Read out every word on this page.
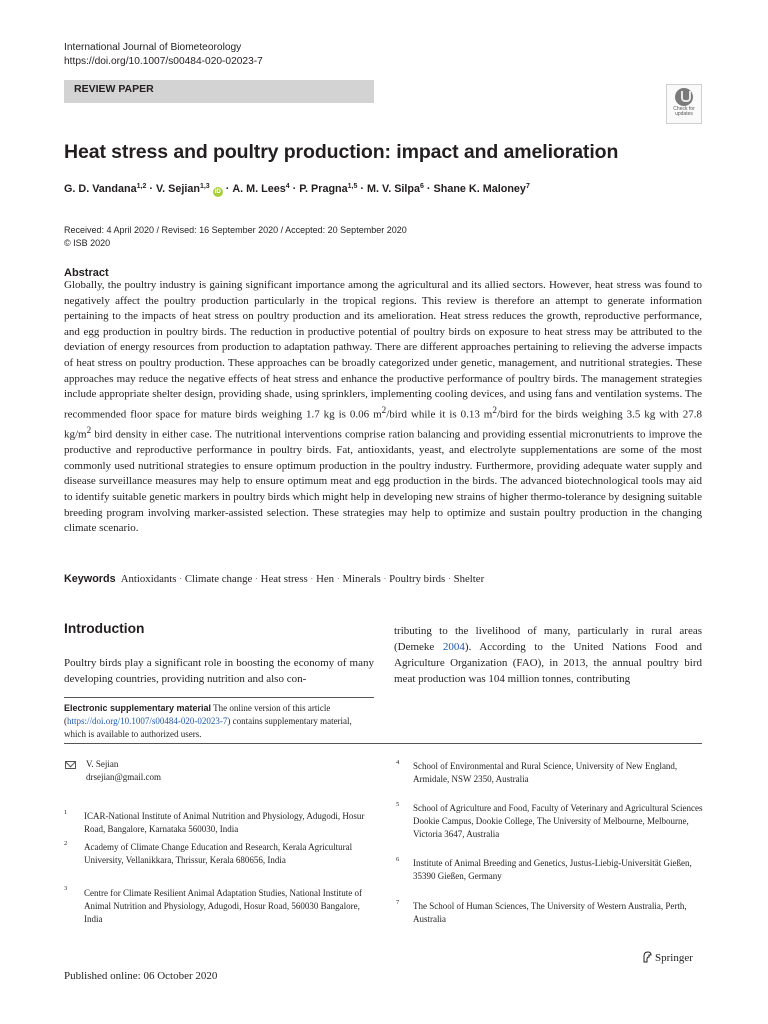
International Journal of Biometeorology
https://doi.org/10.1007/s00484-020-02023-7
REVIEW PAPER
Check for
updates
Heat stress and poultry production: impact and amelioration
G. D. Vandana$^{1,2}$ · V. Sejian$^{1,3}$ iD · A. M. Lees$^4$ · P. Pragna$^{1,5}$ · M. V. Silpa$^6$ · Shane K. Maloney$^7$
Received: 4 April 2020 / Revised: 16 September 2020 / Accepted: 20 September 2020
© ISB 2020
Abstract
Globally, the poultry industry is gaining significant importance among the agricultural and its allied sectors. However, heat stress was found to negatively affect the poultry production particularly in the tropical regions. This review is therefore an attempt to generate information pertaining to the impacts of heat stress on poultry production and its amelioration. Heat stress reduces the growth, reproductive performance, and egg production in poultry birds. The reduction in productive potential of poultry birds on exposure to heat stress may be attributed to the deviation of energy resources from production to adaptation pathway. There are different approaches pertaining to relieving the adverse impacts of heat stress on poultry production. These approaches can be broadly categorized under genetic, management, and nutritional strategies. These approaches may reduce the negative effects of heat stress and enhance the productive performance of poultry birds. The management strategies include appropriate shelter design, providing shade, using sprinklers, implementing cooling devices, and using fans and ventilation systems. The recommended floor space for mature birds weighing 1.7 kg is 0.06 $m^2$/bird while it is 0.13 $m^2$/bird for the birds weighing 3.5 kg with 27.8 $kg/m^2$ bird density in either case. The nutritional interventions comprise ration balancing and providing essential micronutrients to improve the productive and reproductive performance in poultry birds. Fat, antioxidants, yeast, and electrolyte supplementations are some of the most commonly used nutritional strategies to ensure optimum production in the poultry industry. Furthermore, providing adequate water supply and disease surveillance measures may help to ensure optimum meat and egg production in the birds. The advanced biotechnological tools may aid to identify suitable genetic markers in poultry birds which might help in developing new strains of higher thermo-tolerance by designing suitable breeding program involving marker-assisted selection. These strategies may help to optimize and sustain poultry production in the changing climate scenario.
Keywords Antioxidants · Climate change · Heat stress · Hen · Minerals · Poultry birds · Shelter
Introduction
Poultry birds play a significant role in boosting the economy of many developing countries, providing nutrition and also con-
tributing to the livelihood of many, particularly in rural areas (Demeke 2004). According to the United Nations Food and Agriculture Organization (FAO), in 2013, the annual poultry bird meat production was 104 million tonnes, contributing
Electronic supplementary material The online version of this article (https://doi.org/10.1007/s00484-020-02023-7) contains supplementary material, which is available to authorized users.
V. Sejian
drsejian@gmail.com
1 ICAR-National Institute of Animal Nutrition and Physiology, Adugodi, Hosur Road, Bangalore, Karnataka 560030, India
2 Academy of Climate Change Education and Research, Kerala Agricultural University, Vellanikkara, Thrissur, Kerala 680656, India
3 Centre for Climate Resilient Animal Adaptation Studies, National Institute of Animal Nutrition and Physiology, Adugodi, Hosur Road, 560030 Bangalore, India
4 School of Environmental and Rural Science, University of New England, Armidale, NSW 2350, Australia
5 School of Agriculture and Food, Faculty of Veterinary and Agricultural Sciences Dookie Campus, Dookie College, The University of Melbourne, Melbourne, Victoria 3647, Australia
6 Institute of Animal Breeding and Genetics, Justus-Liebig-Universität Gießen, 35390 Gießen, Germany
7 The School of Human Sciences, The University of Western Australia, Perth, Australia
Published online: 06 October 2020
Springer
